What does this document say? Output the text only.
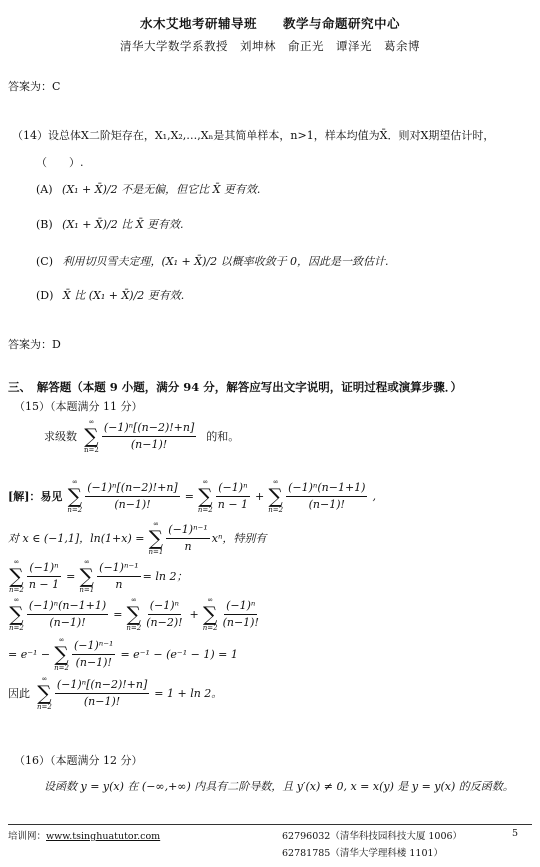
水木艾地考研辅导班　　教学与命题研究中心
清华大学数学系教授　刘坤林　俞正光　谭泽光　葛余博
答案为：C
（14）设总体X二阶矩存在，X₁,X₂,…,Xₙ是其简单样本，n>1，样本均值为X̄．则对X期望估计时，
（　　）.
(A) (X₁ + X̄)/2 不是无偏，但它比 X̄ 更有效.
(B) (X₁ + X̄)/2 比 X̄ 更有效.
(C) 利用切贝雪夫定理，(X₁ + X̄)/2 以概率收敛于 0，因此是一致估计.
(D) X̄ 比 (X₁ + X̄)/2 更有效.
答案为：D
三、　解答题（本题 9 小题，满分 94 分，解答应写出文字说明，证明过程或演算步骤．）
（15）（本题满分 11 分）
求级数
∞
∑
$n=2 \frac{\text{(−1)ⁿ[(n−2)!+n]}}{(n-1)!}$ 的和。
[解]：易见
∞
∑
$n=2 \frac{\text{(−1)ⁿ[(n−2)!+n]}}{(n-1)!}$ =
∞
∑
$n=2 \frac{\text{(−1)ⁿ}}{n - 1}$ +
∞
∑
$n=2 \frac{\text{(−1)ⁿ(n−1+1)}}{(n-1)!}$ ,
对 x ∈ (−1,1]，ln(1+x) =
∞
∑
$n=1 \frac{\text{(−1)ⁿ⁻¹}}{n}$ xⁿ，特别有
∞
∑
$n=2 \frac{\text{(−1)ⁿ}}{n - 1}$ =
∞
∑
$n=1 \frac{\text{(−1)ⁿ⁻¹}}{n} = \ln 2$；
∞
∑
$n=2 \frac{\text{(−1)ⁿ(n−1+1)}}{(n-1)!}$ =
∞
∑
$n=2 \frac{\text{(−1)ⁿ}}{(n-2)!}$ +
∞
∑
$n=2 \frac{\text{(−1)ⁿ}}{(n-1)!}$
= e⁻¹ −
∞
∑
$n=2 \frac{\text{(−1)ⁿ⁻¹}}{(n-1)!} = e^{-1} - (e^{-1} - 1) = 1$
因此
∞
∑
$n=2 \frac{\text{(−1)ⁿ[(n−2)!+n]}}{(n-1)!} = 1 + \ln 2$。
（16）（本题满分 12 分）
设函数 y = y(x) 在 (−∞,+∞) 内具有二阶导数，且 y′(x) ≠ 0, x = x(y) 是 y = y(x) 的反函数。
培训网：www.tsinghuatutor.com	62796032（清华科技园科技大厦 1006）
62781785（清华大学理科楼 1101）
5
